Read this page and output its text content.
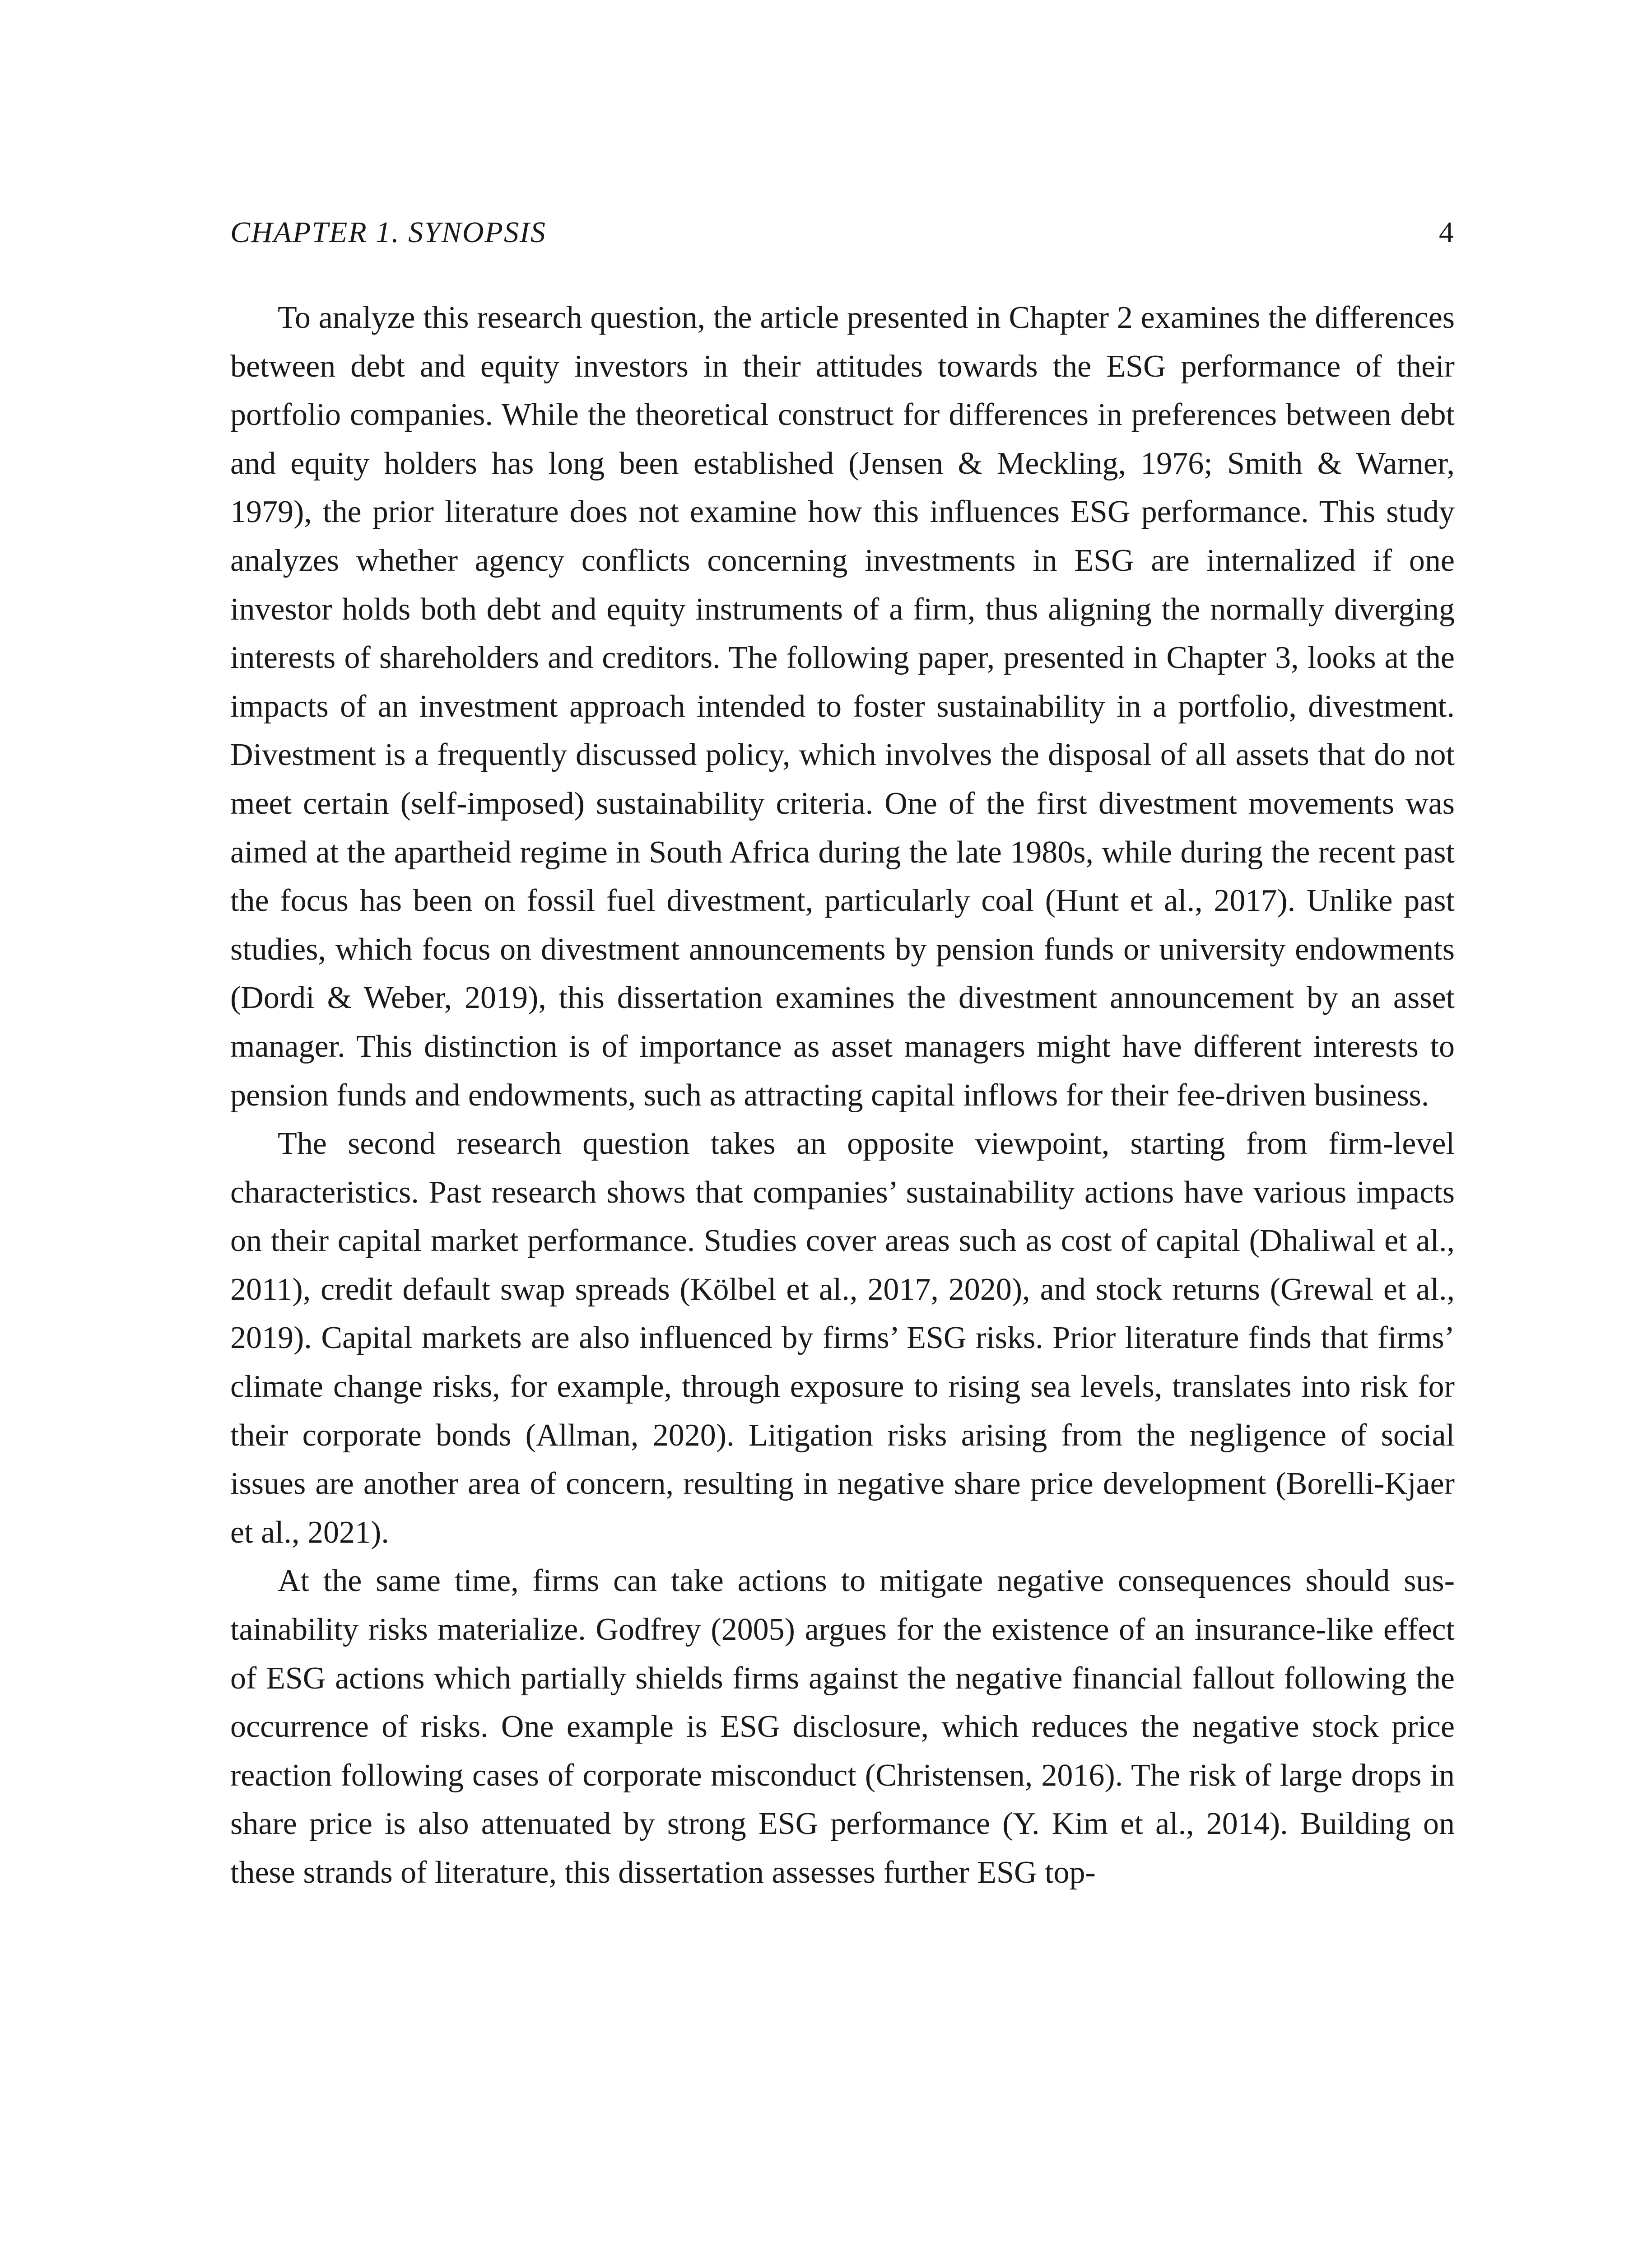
CHAPTER 1. SYNOPSIS	4

To analyze this research question, the article presented in Chapter 2 examines the differences between debt and equity investors in their attitudes towards the ESG performance of their portfolio companies. While the theoretical construct for differences in preferences between debt and equity holders has long been established (Jensen & Meckling, 1976; Smith & Warner, 1979), the prior literature does not examine how this influences ESG performance. This study analyzes whether agency conflicts concerning investments in ESG are internalized if one investor holds both debt and equity instruments of a firm, thus aligning the normally diverging interests of shareholders and creditors. The following paper, presented in Chapter 3, looks at the impacts of an investment approach intended to foster sustainability in a portfolio, divestment. Divestment is a frequently discussed policy, which involves the disposal of all assets that do not meet certain (self-imposed) sustainability criteria. One of the first divestment movements was aimed at the apartheid regime in South Africa during the late 1980s, while during the recent past the focus has been on fossil fuel divestment, particularly coal (Hunt et al., 2017). Unlike past studies, which focus on divestment announcements by pension funds or university endowments (Dordi & Weber, 2019), this dissertation examines the divestment announcement by an asset manager. This distinction is of importance as asset managers might have different interests to pension funds and endowments, such as attracting capital inflows for their fee-driven business.

The second research question takes an opposite viewpoint, starting from firm-level characteristics. Past research shows that companies’ sustainability actions have various impacts on their capital market performance. Studies cover areas such as cost of capital (Dhaliwal et al., 2011), credit default swap spreads (Kölbel et al., 2017, 2020), and stock returns (Grewal et al., 2019). Capital markets are also influenced by firms’ ESG risks. Prior literature finds that firms’ climate change risks, for example, through exposure to rising sea levels, translates into risk for their corporate bonds (Allman, 2020). Litigation risks arising from the negligence of social issues are another area of concern, resulting in negative share price development (Borelli-Kjaer et al., 2021).

At the same time, firms can take actions to mitigate negative consequences should sustainability risks materialize. Godfrey (2005) argues for the existence of an insurance-like effect of ESG actions which partially shields firms against the negative financial fallout following the occurrence of risks. One example is ESG disclosure, which reduces the negative stock price reaction following cases of corporate misconduct (Christensen, 2016). The risk of large drops in share price is also attenuated by strong ESG performance (Y. Kim et al., 2014). Building on these strands of literature, this dissertation assesses further ESG top-
